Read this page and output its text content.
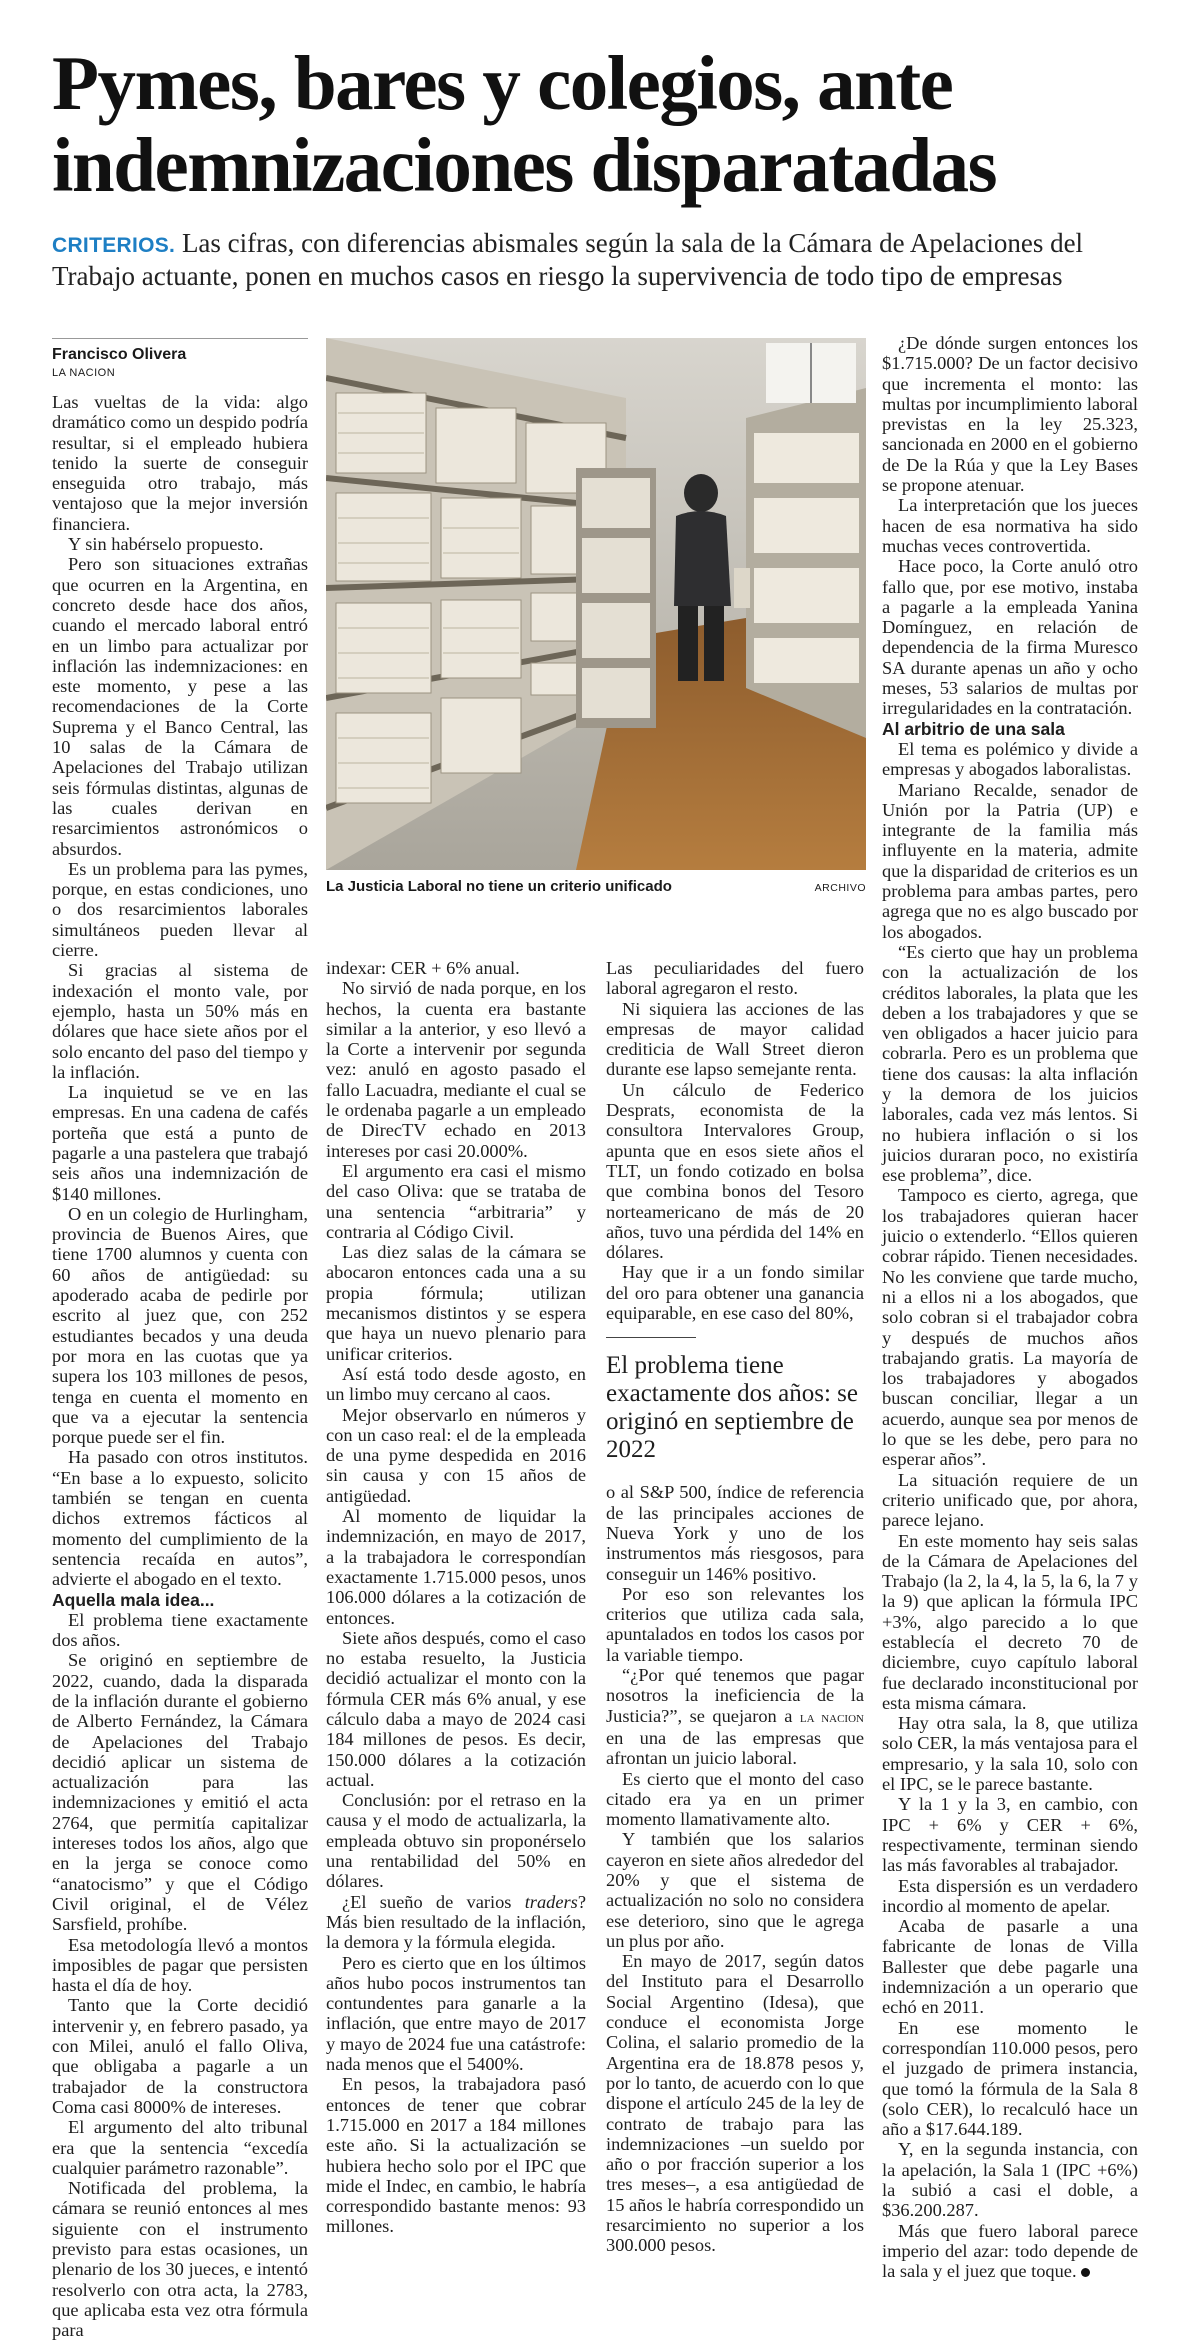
Pymes, bares y colegios, ante indemnizaciones disparatadas

CRITERIOS. Las cifras, con diferencias abismales según la sala de la Cámara de Apelaciones del Trabajo actuante, ponen en muchos casos en riesgo la supervivencia de todo tipo de empresas

Francisco Olivera
LA NACION

Las vueltas de la vida: algo dramático como un despido podría resultar, si el empleado hubiera tenido la suerte de conseguir enseguida otro trabajo, más ventajoso que la mejor inversión financiera.

Y sin habérselo propuesto.

Pero son situaciones extrañas que ocurren en la Argentina, en concreto desde hace dos años, cuando el mercado laboral entró en un limbo para actualizar por inflación las indemnizaciones: en este momento, y pese a las recomendaciones de la Corte Suprema y el Banco Central, las 10 salas de la Cámara de Apelaciones del Trabajo utilizan seis fórmulas distintas, algunas de las cuales derivan en resarcimientos astronómicos o absurdos.

Es un problema para las pymes, porque, en estas condiciones, uno o dos resarcimientos laborales simultáneos pueden llevar al cierre.

Si gracias al sistema de indexación el monto vale, por ejemplo, hasta un 50% más en dólares que hace siete años por el solo encanto del paso del tiempo y la inflación.

La inquietud se ve en las empresas. En una cadena de cafés porteña que está a punto de pagarle a una pastelera que trabajó seis años una indemnización de $140 millones.

O en un colegio de Hurlingham, provincia de Buenos Aires, que tiene 1700 alumnos y cuenta con 60 años de antigüedad: su apoderado acaba de pedirle por escrito al juez que, con 252 estudiantes becados y una deuda por mora en las cuotas que ya supera los 103 millones de pesos, tenga en cuenta el momento en que va a ejecutar la sentencia porque puede ser el fin.

Ha pasado con otros institutos. “En base a lo expuesto, solicito también se tengan en cuenta dichos extremos fácticos al momento del cumplimiento de la sentencia recaída en autos”, advierte el abogado en el texto.

Aquella mala idea...

El problema tiene exactamente dos años.

Se originó en septiembre de 2022, cuando, dada la disparada de la inflación durante el gobierno de Alberto Fernández, la Cámara de Apelaciones del Trabajo decidió aplicar un sistema de actualización para las indemnizaciones y emitió el acta 2764, que permitía capitalizar intereses todos los años, algo que en la jerga se conoce como “anatocismo” y que el Código Civil original, el de Vélez Sarsfield, prohíbe.

Esa metodología llevó a montos imposibles de pagar que persisten hasta el día de hoy.

Tanto que la Corte decidió intervenir y, en febrero pasado, ya con Milei, anuló el fallo Oliva, que obligaba a pagarle a un trabajador de la constructora Coma casi 8000% de intereses.

El argumento del alto tribunal era que la sentencia “excedía cualquier parámetro razonable”.

Notificada del problema, la cámara se reunió entonces al mes siguiente con el instrumento previsto para estas ocasiones, un plenario de los 30 jueces, e intentó resolverlo con otra acta, la 2783, que aplicaba esta vez otra fórmula para

La Justicia Laboral no tiene un criterio unificado	ARCHIVO

indexar: CER + 6% anual.

No sirvió de nada porque, en los hechos, la cuenta era bastante similar a la anterior, y eso llevó a la Corte a intervenir por segunda vez: anuló en agosto pasado el fallo Lacuadra, mediante el cual se le ordenaba pagarle a un empleado de DirecTV echado en 2013 intereses por casi 20.000%.

El argumento era casi el mismo del caso Oliva: que se trataba de una sentencia “arbitraria” y contraria al Código Civil.

Las diez salas de la cámara se abocaron entonces cada una a su propia fórmula; utilizan mecanismos distintos y se espera que haya un nuevo plenario para unificar criterios.

Así está todo desde agosto, en un limbo muy cercano al caos.

Mejor observarlo en números y con un caso real: el de la empleada de una pyme despedida en 2016 sin causa y con 15 años de antigüedad.

Al momento de liquidar la indemnización, en mayo de 2017, a la trabajadora le correspondían exactamente 1.715.000 pesos, unos 106.000 dólares a la cotización de entonces.

Siete años después, como el caso no estaba resuelto, la Justicia decidió actualizar el monto con la fórmula CER más 6% anual, y ese cálculo daba a mayo de 2024 casi 184 millones de pesos. Es decir, 150.000 dólares a la cotización actual.

Conclusión: por el retraso en la causa y el modo de actualizarla, la empleada obtuvo sin proponérselo una rentabilidad del 50% en dólares.

¿El sueño de varios traders? Más bien resultado de la inflación, la demora y la fórmula elegida.

Pero es cierto que en los últimos años hubo pocos instrumentos tan contundentes para ganarle a la inflación, que entre mayo de 2017 y mayo de 2024 fue una catástrofe: nada menos que el 5400%.

En pesos, la trabajadora pasó entonces de tener que cobrar 1.715.000 en 2017 a 184 millones este año. Si la actualización se hubiera hecho solo por el IPC que mide el Indec, en cambio, le habría correspondido bastante menos: 93 millones.

Las peculiaridades del fuero laboral agregaron el resto.

Ni siquiera las acciones de las empresas de mayor calidad crediticia de Wall Street dieron durante ese lapso semejante renta.

Un cálculo de Federico Desprats, economista de la consultora Intervalores Group, apunta que en esos siete años el TLT, un fondo cotizado en bolsa que combina bonos del Tesoro norteamericano de más de 20 años, tuvo una pérdida del 14% en dólares.

Hay que ir a un fondo similar del oro para obtener una ganancia equiparable, en ese caso del 80%,

El problema tiene exactamente dos años: se originó en septiembre de 2022

o al S&P 500, índice de referencia de las principales acciones de Nueva York y uno de los instrumentos más riesgosos, para conseguir un 146% positivo.

Por eso son relevantes los criterios que utiliza cada sala, apuntalados en todos los casos por la variable tiempo.

“¿Por qué tenemos que pagar nosotros la ineficiencia de la Justicia?”, se quejaron a la nacion en una de las empresas que afrontan un juicio laboral.

Es cierto que el monto del caso citado era ya en un primer momento llamativamente alto.

Y también que los salarios cayeron en siete años alrededor del 20% y que el sistema de actualización no solo no considera ese deterioro, sino que le agrega un plus por año.

En mayo de 2017, según datos del Instituto para el Desarrollo Social Argentino (Idesa), que conduce el economista Jorge Colina, el salario promedio de la Argentina era de 18.878 pesos y, por lo tanto, de acuerdo con lo que dispone el artículo 245 de la ley de contrato de trabajo para las indemnizaciones –un sueldo por año o por fracción superior a los tres meses–, a esa antigüedad de 15 años le habría correspondido un resarcimiento no superior a los 300.000 pesos.

¿De dónde surgen entonces los $1.715.000? De un factor decisivo que incrementa el monto: las multas por incumplimiento laboral previstas en la ley 25.323, sancionada en 2000 en el gobierno de De la Rúa y que la Ley Bases se propone atenuar.

La interpretación que los jueces hacen de esa normativa ha sido muchas veces controvertida.

Hace poco, la Corte anuló otro fallo que, por ese motivo, instaba a pagarle a la empleada Yanina Domínguez, en relación de dependencia de la firma Muresco SA durante apenas un año y ocho meses, 53 salarios de multas por irregularidades en la contratación.

Al arbitrio de una sala

El tema es polémico y divide a empresas y abogados laboralistas.

Mariano Recalde, senador de Unión por la Patria (UP) e integrante de la familia más influyente en la materia, admite que la disparidad de criterios es un problema para ambas partes, pero agrega que no es algo buscado por los abogados.

“Es cierto que hay un problema con la actualización de los créditos laborales, la plata que les deben a los trabajadores y que se ven obligados a hacer juicio para cobrarla. Pero es un problema que tiene dos causas: la alta inflación y la demora de los juicios laborales, cada vez más lentos. Si no hubiera inflación o si los juicios duraran poco, no existiría ese problema”, dice.

Tampoco es cierto, agrega, que los trabajadores quieran hacer juicio o extenderlo. “Ellos quieren cobrar rápido. Tienen necesidades. No les conviene que tarde mucho, ni a ellos ni a los abogados, que solo cobran si el trabajador cobra y después de muchos años trabajando gratis. La mayoría de los trabajadores y abogados buscan conciliar, llegar a un acuerdo, aunque sea por menos de lo que se les debe, pero para no esperar años”.

La situación requiere de un criterio unificado que, por ahora, parece lejano.

En este momento hay seis salas de la Cámara de Apelaciones del Trabajo (la 2, la 4, la 5, la 6, la 7 y la 9) que aplican la fórmula IPC +3%, algo parecido a lo que establecía el decreto 70 de diciembre, cuyo capítulo laboral fue declarado inconstitucional por esta misma cámara.

Hay otra sala, la 8, que utiliza solo CER, la más ventajosa para el empresario, y la sala 10, solo con el IPC, se le parece bastante.

Y la 1 y la 3, en cambio, con IPC + 6% y CER + 6%, respectivamente, terminan siendo las más favorables al trabajador.

Esta dispersión es un verdadero incordio al momento de apelar.

Acaba de pasarle a una fabricante de lonas de Villa Ballester que debe pagarle una indemnización a un operario que echó en 2011.

En ese momento le correspondían 110.000 pesos, pero el juzgado de primera instancia, que tomó la fórmula de la Sala 8 (solo CER), lo recalculó hace un año a $17.644.189.

Y, en la segunda instancia, con la apelación, la Sala 1 (IPC +6%) la subió a casi el doble, a $36.200.287.

Más que fuero laboral parece imperio del azar: todo depende de la sala y el juez que toque.
